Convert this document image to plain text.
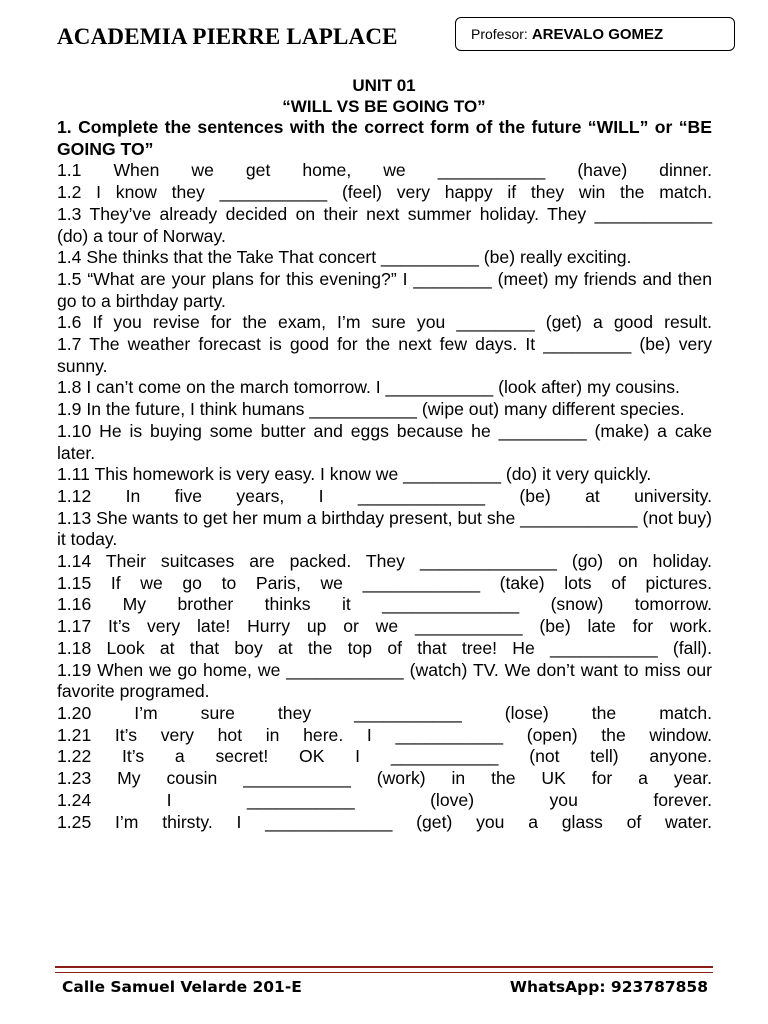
ACADEMIA PIERRE LAPLACE	Profesor: AREVALO GOMEZ
UNIT 01
“WILL VS BE GOING TO”
1. Complete the sentences with the correct form of the future “WILL” or “BE GOING TO”
1.1 When we get home, we ___________ (have) dinner.
1.2 I know they ___________ (feel) very happy if they win the match.
1.3 They’ve already decided on their next summer holiday. They ____________ (do) a tour of Norway.
1.4 She thinks that the Take That concert __________ (be) really exciting.
1.5 “What are your plans for this evening?” I ________ (meet) my friends and then go to a birthday party.
1.6 If you revise for the exam, I’m sure you ________ (get) a good result.
1.7 The weather forecast is good for the next few days. It _________ (be) very sunny.
1.8 I can’t come on the march tomorrow. I ___________ (look after) my cousins.
1.9 In the future, I think humans ___________ (wipe out) many different species.
1.10 He is buying some butter and eggs because he _________ (make) a cake later.
1.11 This homework is very easy. I know we __________ (do) it very quickly.
1.12 In five years, I _____________ (be) at university.
1.13 She wants to get her mum a birthday present, but she ____________ (not buy) it today.
1.14 Their suitcases are packed. They ______________ (go) on holiday.
1.15 If we go to Paris, we ____________ (take) lots of pictures.
1.16 My brother thinks it ______________ (snow) tomorrow.
1.17 It’s very late! Hurry up or we ___________ (be) late for work.
1.18 Look at that boy at the top of that tree! He ___________ (fall).
1.19 When we go home, we ____________ (watch) TV. We don’t want to miss our favorite programed.
1.20 I’m sure they ___________ (lose) the match.
1.21 It’s very hot in here. I ___________ (open) the window.
1.22 It’s a secret! OK I ___________ (not tell) anyone.
1.23 My cousin ___________ (work) in the UK for a year.
1.24 I ___________ (love) you forever.
1.25 I’m thirsty. I _____________ (get) you a glass of water.
Calle Samuel Velarde 201-E	WhatsApp: 923787858
